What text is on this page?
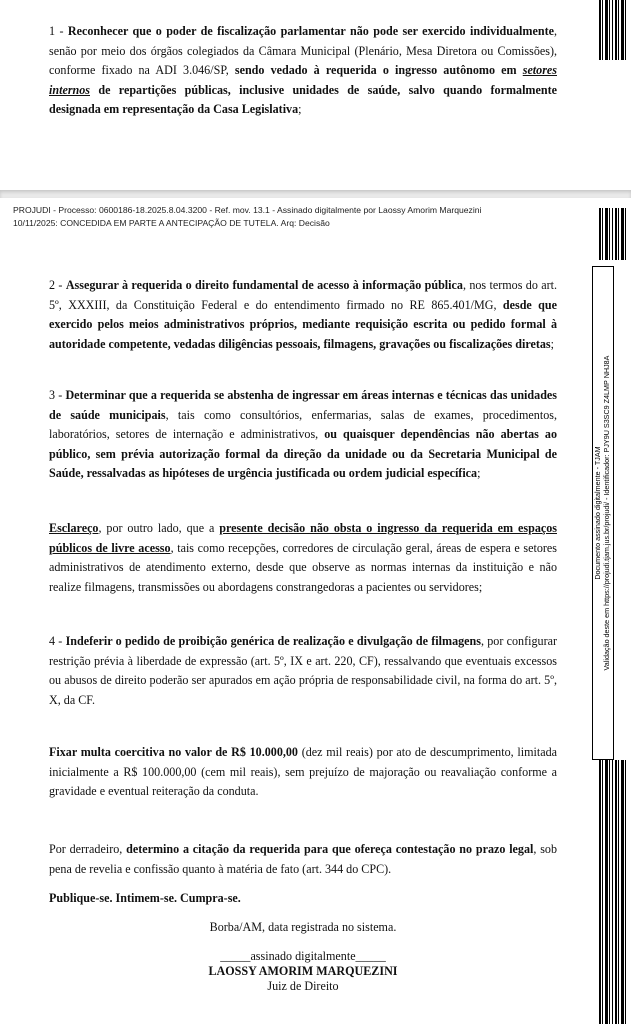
1 - Reconhecer que o poder de fiscalização parlamentar não pode ser exercido individualmente, senão por meio dos órgãos colegiados da Câmara Municipal (Plenário, Mesa Diretora ou Comissões), conforme fixado na ADI 3.046/SP, sendo vedado à requerida o ingresso autônomo em setores internos de repartições públicas, inclusive unidades de saúde, salvo quando formalmente designada em representação da Casa Legislativa;
PROJUDI - Processo: 0600186-18.2025.8.04.3200 - Ref. mov. 13.1 - Assinado digitalmente por Laossy Amorim Marquezini
10/11/2025: CONCEDIDA EM PARTE A ANTECIPAÇÃO DE TUTELA. Arq: Decisão
2 - Assegurar à requerida o direito fundamental de acesso à informação pública, nos termos do art. 5º, XXXIII, da Constituição Federal e do entendimento firmado no RE 865.401/MG, desde que exercido pelos meios administrativos próprios, mediante requisição escrita ou pedido formal à autoridade competente, vedadas diligências pessoais, filmagens, gravações ou fiscalizações diretas;
3 - Determinar que a requerida se abstenha de ingressar em áreas internas e técnicas das unidades de saúde municipais, tais como consultórios, enfermarias, salas de exames, procedimentos, laboratórios, setores de internação e administrativos, ou quaisquer dependências não abertas ao público, sem prévia autorização formal da direção da unidade ou da Secretaria Municipal de Saúde, ressalvadas as hipóteses de urgência justificada ou ordem judicial específica;
Esclareço, por outro lado, que a presente decisão não obsta o ingresso da requerida em espaços públicos de livre acesso, tais como recepções, corredores de circulação geral, áreas de espera e setores administrativos de atendimento externo, desde que observe as normas internas da instituição e não realize filmagens, transmissões ou abordagens constrangedoras a pacientes ou servidores;
4 - Indeferir o pedido de proibição genérica de realização e divulgação de filmagens, por configurar restrição prévia à liberdade de expressão (art. 5º, IX e art. 220, CF), ressalvando que eventuais excessos ou abusos de direito poderão ser apurados em ação própria de responsabilidade civil, na forma do art. 5º, X, da CF.
Fixar multa coercitiva no valor de R$ 10.000,00 (dez mil reais) por ato de descumprimento, limitada inicialmente a R$ 100.000,00 (cem mil reais), sem prejuízo de majoração ou reavaliação conforme a gravidade e eventual reiteração da conduta.
Por derradeiro, determino a citação da requerida para que ofereça contestação no prazo legal, sob pena de revelia e confissão quanto à matéria de fato (art. 344 do CPC).
Publique-se. Intimem-se. Cumpra-se.
Borba/AM, data registrada no sistema.
_____assinado digitalmente_____
LAOSSY AMORIM MARQUEZINI
Juiz de Direito
Documento assinado digitalmente - TJAM Validação deste em https://projudi.tjam.jus.br/projudi/ - Identificador: PJY9U S3SC9 Z4LMP NHJ8A
